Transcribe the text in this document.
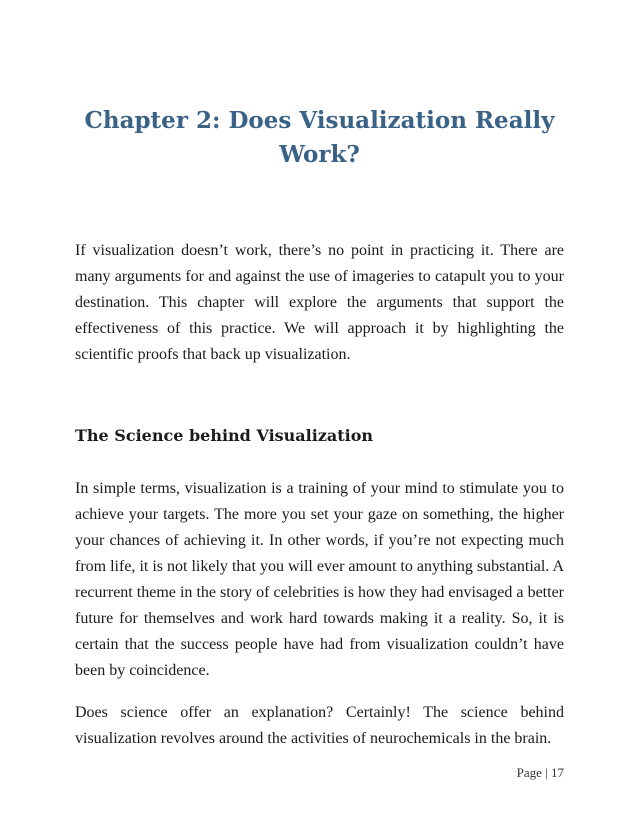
Chapter 2: Does Visualization Really Work?

If visualization doesn’t work, there’s no point in practicing it. There are many arguments for and against the use of imageries to catapult you to your destination. This chapter will explore the arguments that support the effectiveness of this practice. We will approach it by highlighting the scientific proofs that back up visualization.

The Science behind Visualization

In simple terms, visualization is a training of your mind to stimulate you to achieve your targets. The more you set your gaze on something, the higher your chances of achieving it. In other words, if you’re not expecting much from life, it is not likely that you will ever amount to anything substantial. A recurrent theme in the story of celebrities is how they had envisaged a better future for themselves and work hard towards making it a reality. So, it is certain that the success people have had from visualization couldn’t have been by coincidence.

Does science offer an explanation? Certainly! The science behind visualization revolves around the activities of neurochemicals in the brain.

Page | 17
